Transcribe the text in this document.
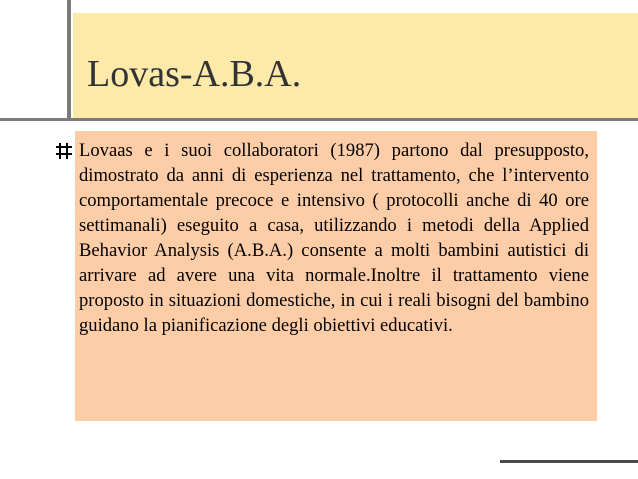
Lovas-A.B.A.

Lovaas e i suoi collaboratori (1987) partono dal presupposto, dimostrato da anni di esperienza nel trattamento, che l’intervento comportamentale precoce e intensivo ( protocolli anche di 40 ore settimanali) eseguito a casa, utilizzando i metodi della Applied Behavior Analysis (A.B.A.) consente a molti bambini autistici di arrivare ad avere una vita normale.Inoltre il trattamento viene proposto in situazioni domestiche, in cui i reali bisogni del bambino guidano la pianificazione degli obiettivi educativi.
